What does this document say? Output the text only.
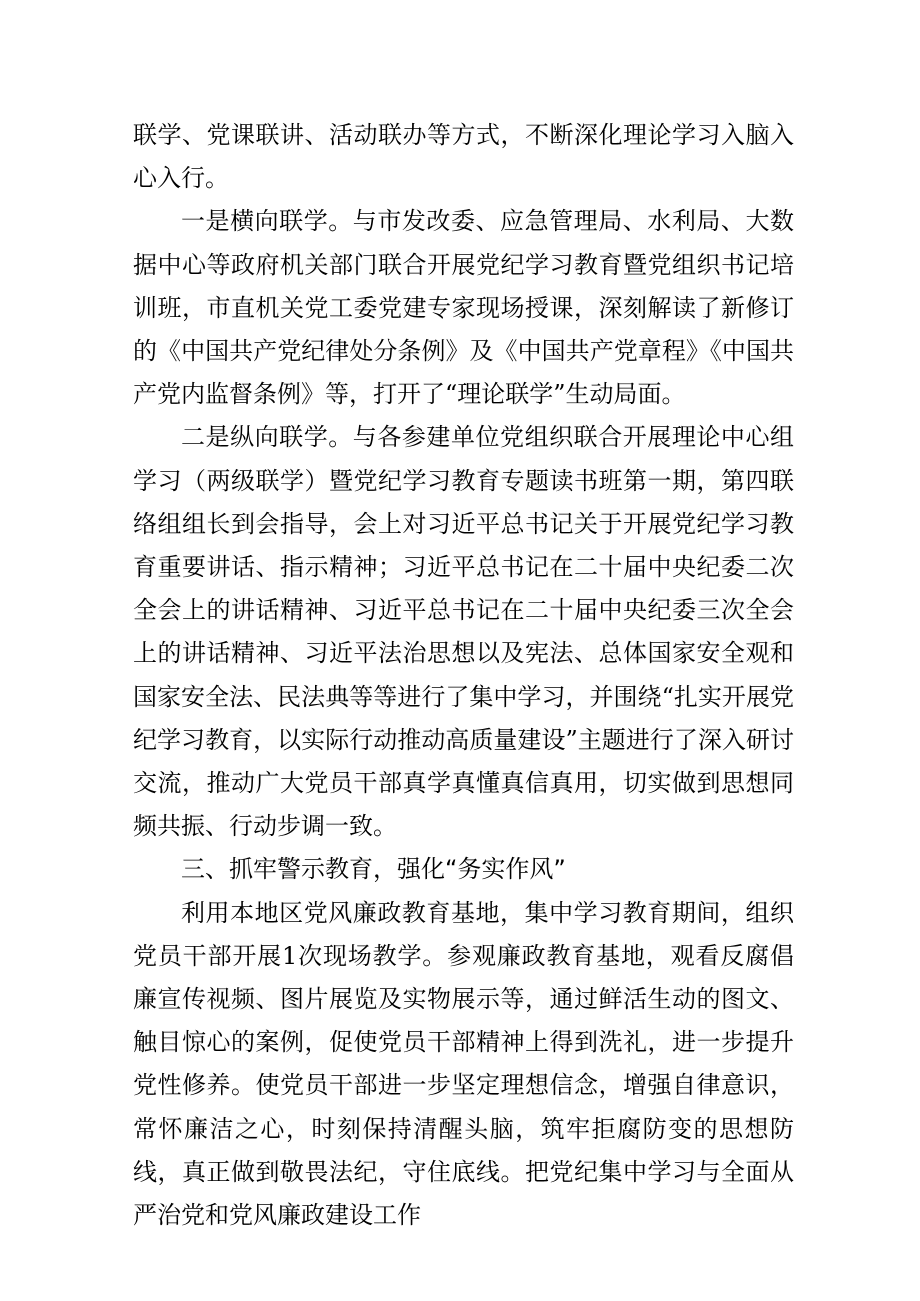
联学、党课联讲、活动联办等方式，不断深化理论学习入脑入心入行。

一是横向联学。与市发改委、应急管理局、水利局、大数据中心等政府机关部门联合开展党纪学习教育暨党组织书记培训班，市直机关党工委党建专家现场授课，深刻解读了新修订的《中国共产党纪律处分条例》及《中国共产党章程》《中国共产党内监督条例》等，打开了“理论联学”生动局面。

二是纵向联学。与各参建单位党组织联合开展理论中心组学习（两级联学）暨党纪学习教育专题读书班第一期，第四联络组组长到会指导，会上对习近平总书记关于开展党纪学习教育重要讲话、指示精神；习近平总书记在二十届中央纪委二次全会上的讲话精神、习近平总书记在二十届中央纪委三次全会上的讲话精神、习近平法治思想以及宪法、总体国家安全观和国家安全法、民法典等等进行了集中学习，并围绕“扎实开展党纪学习教育，以实际行动推动高质量建设”主题进行了深入研讨交流，推动广大党员干部真学真懂真信真用，切实做到思想同频共振、行动步调一致。

三、抓牢警示教育，强化“务实作风”

利用本地区党风廉政教育基地，集中学习教育期间，组织党员干部开展1次现场教学。参观廉政教育基地，观看反腐倡廉宣传视频、图片展览及实物展示等，通过鲜活生动的图文、触目惊心的案例，促使党员干部精神上得到洗礼，进一步提升党性修养。使党员干部进一步坚定理想信念，增强自律意识，常怀廉洁之心，时刻保持清醒头脑，筑牢拒腐防变的思想防线，真正做到敬畏法纪，守住底线。把党纪集中学习与全面从严治党和党风廉政建设工作
